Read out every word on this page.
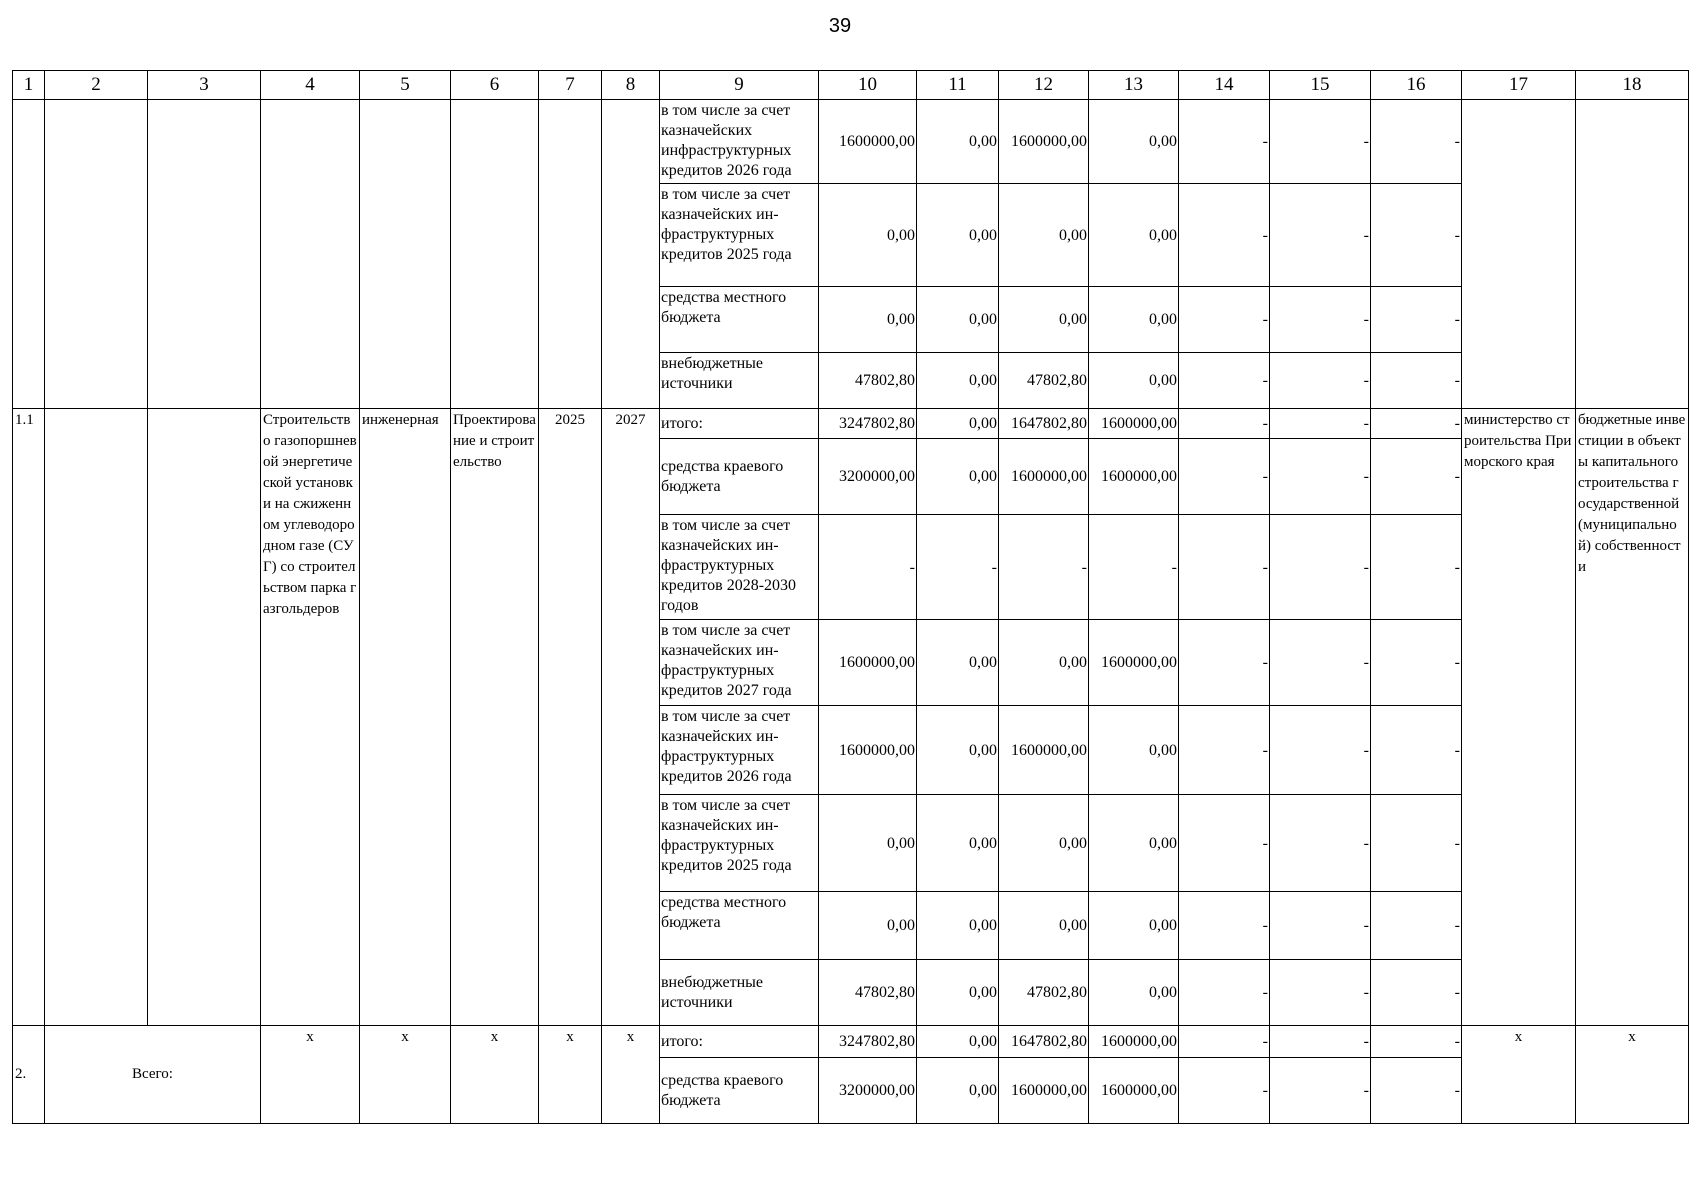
39
1	2	3	4	5	6	7	8	9	10	11	12	13	14	15	16	17	18
								в том числе за счет казначейских инфраструктурных кредитов 2026 года	1600000,00	0,00	1600000,00	0,00	-	-	-		
								в том числе за счет казначейских ин-фраструктурных кредитов 2025 года	0,00	0,00	0,00	0,00	-	-	-		
								средства местного бюджета	0,00	0,00	0,00	0,00	-	-	-		
								внебюджетные источники	47802,80	0,00	47802,80	0,00	-	-	-		
1.1			Строительство газопоршневой энергетической установки на сжиженном углеводородном газе (СУГ) со строительством парка газгольдеров	инженерная	Проектирование и строительство	2025	2027	итого:	3247802,80	0,00	1647802,80	1600000,00	-	-	-	министерство строительства Приморского края	бюджетные инвестиции в объекты капитального строительства государственной (муниципальной) собственности
								средства краевого бюджета	3200000,00	0,00	1600000,00	1600000,00	-	-	-		
								в том числе за счет казначейских ин-фраструктурных кредитов 2028-2030 годов	-	-	-	-	-	-	-		
								в том числе за счет казначейских ин-фраструктурных кредитов 2027 года	1600000,00	0,00	0,00	1600000,00	-	-	-		
								в том числе за счет казначейских ин-фраструктурных кредитов 2026 года	1600000,00	0,00	1600000,00	0,00	-	-	-		
								в том числе за счет казначейских ин-фраструктурных кредитов 2025 года	0,00	0,00	0,00	0,00	-	-	-		
								средства местного бюджета	0,00	0,00	0,00	0,00	-	-	-		
								внебюджетные источники	47802,80	0,00	47802,80	0,00	-	-	-		
2.	Всего:		х	х	х	х	х	итого:	3247802,80	0,00	1647802,80	1600000,00	-	-	-	х	х
								средства краевого бюджета	3200000,00	0,00	1600000,00	1600000,00	-	-	-		
